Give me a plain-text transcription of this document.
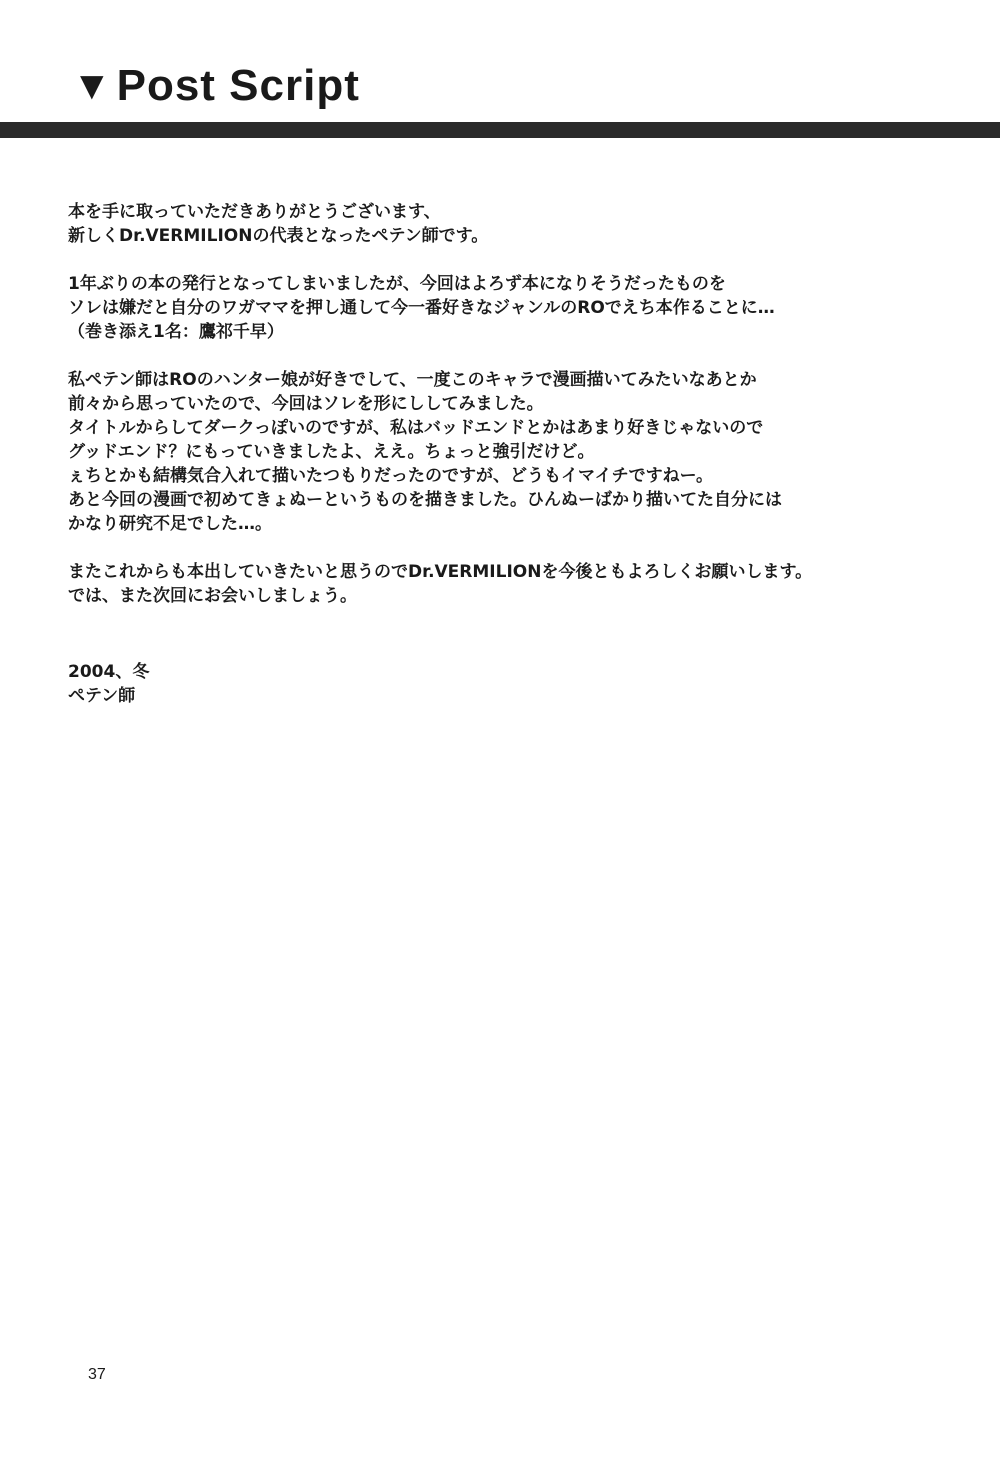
▼ Post Script
本を手に取っていただきありがとうございます、
新しくDr.VERMILIONの代表となったペテン師です。
1年ぶりの本の発行となってしまいましたが、今回はよろず本になりそうだったものを
ソレは嫌だと自分のワガママを押し通して今一番好きなジャンルのROでえち本作ることに…
（巻き添え1名：鷹祁千早）
私ペテン師はROのハンター娘が好きでして、一度このキャラで漫画描いてみたいなあとか
前々から思っていたので、今回はソレを形にししてみました。
タイトルからしてダークっぽいのですが、私はバッドエンドとかはあまり好きじゃないので
グッドエンド？にもっていきましたよ、ええ。ちょっと強引だけど。
ぇちとかも結構気合入れて描いたつもりだったのですが、どうもイマイチですねー。
あと今回の漫画で初めてきょぬーというものを描きました。ひんぬーばかり描いてた自分には
かなり研究不足でした…。
またこれからも本出していきたいと思うのでDr.VERMILIONを今後ともよろしくお願いします。
では、また次回にお会いしましょう。
2004、冬
ペテン師
37
